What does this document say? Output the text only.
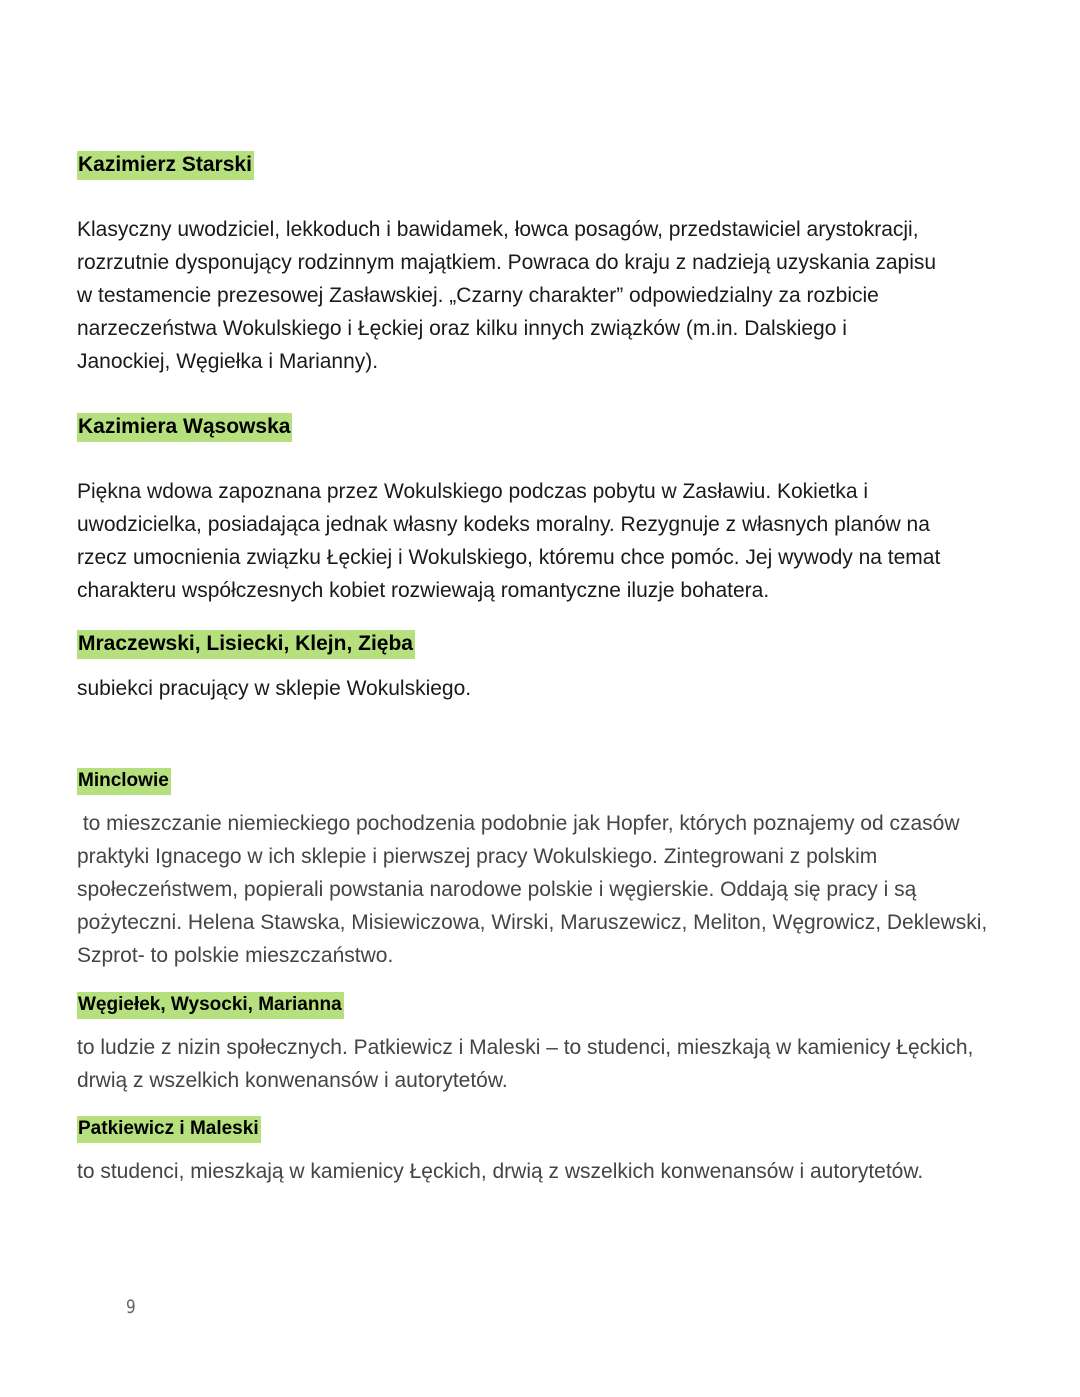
Kazimierz Starski

Klasyczny uwodziciel, lekkoduch i bawidamek, łowca posagów, przedstawiciel arystokracji,
rozrzutnie dysponujący rodzinnym majątkiem. Powraca do kraju z nadzieją uzyskania zapisu
w testamencie prezesowej Zasławskiej. „Czarny charakter” odpowiedzialny za rozbicie
narzeczeństwa Wokulskiego i Łęckiej oraz kilku innych związków (m.in. Dalskiego i
Janockiej, Węgiełka i Marianny).

Kazimiera Wąsowska

Piękna wdowa zapoznana przez Wokulskiego podczas pobytu w Zasławiu. Kokietka i
uwodzicielka, posiadająca jednak własny kodeks moralny. Rezygnuje z własnych planów na
rzecz umocnienia związku Łęckiej i Wokulskiego, któremu chce pomóc. Jej wywody na temat
charakteru współczesnych kobiet rozwiewają romantyczne iluzje bohatera.

Mraczewski, Lisiecki, Klejn, Zięba

subiekci pracujący w sklepie Wokulskiego.

Minclowie

to mieszczanie niemieckiego pochodzenia podobnie jak Hopfer, których poznajemy od czasów
praktyki Ignacego w ich sklepie i pierwszej pracy Wokulskiego. Zintegrowani z polskim
społeczeństwem, popierali powstania narodowe polskie i węgierskie. Oddają się pracy i są
pożyteczni. Helena Stawska, Misiewiczowa, Wirski, Maruszewicz, Meliton, Węgrowicz, Deklewski,
Szprot- to polskie mieszczaństwo.

Węgiełek, Wysocki, Marianna

to ludzie z nizin społecznych. Patkiewicz i Maleski – to studenci, mieszkają w kamienicy Łęckich,
drwią z wszelkich konwenansów i autorytetów.

Patkiewicz i Maleski

to studenci, mieszkają w kamienicy Łęckich, drwią z wszelkich konwenansów i autorytetów.

9
